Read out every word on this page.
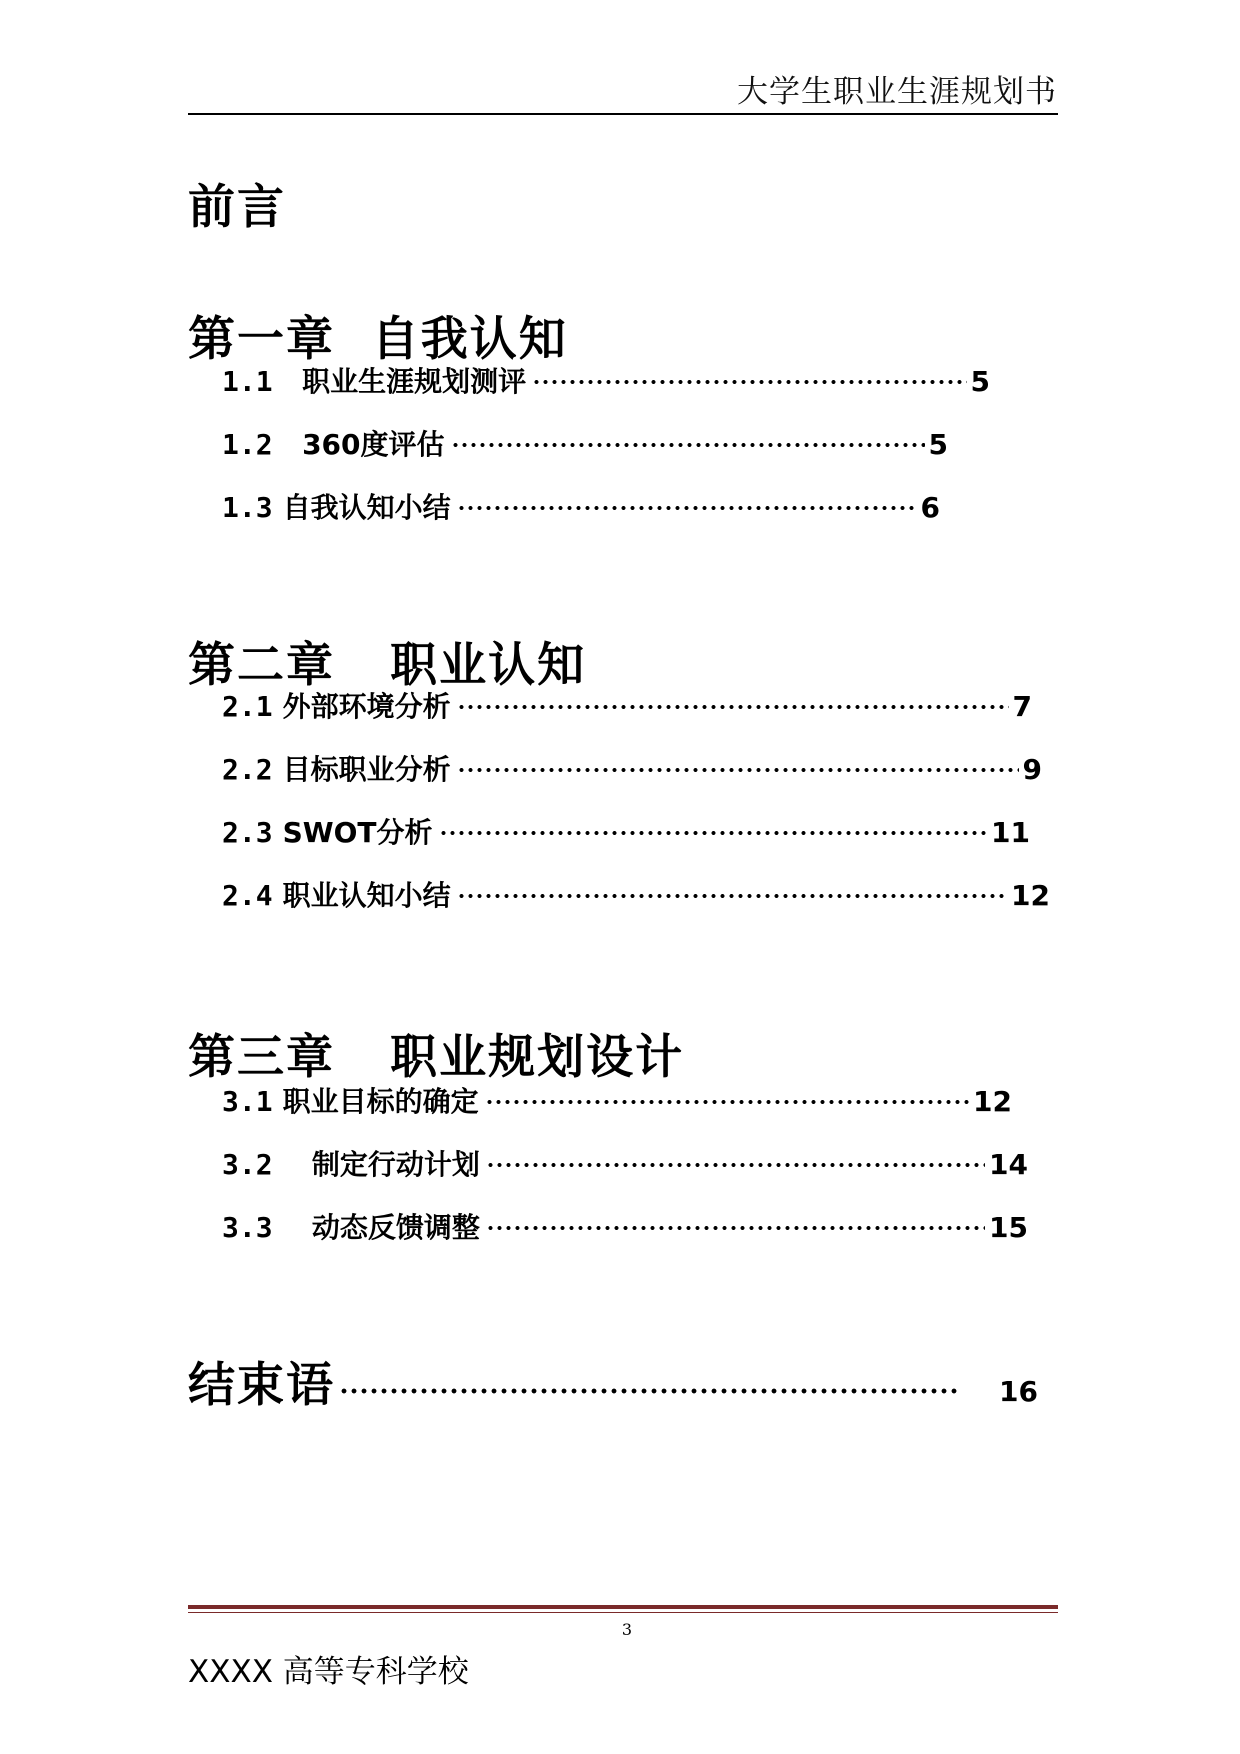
大学生职业生涯规划书
前言
第一章  自我认知
1.1 职业生涯规划测评	5
1.2 360度评估	5
1.3 自我认知小结	6
第二章   职业认知
2.1 外部环境分析	7
2.2 目标职业分析	9
2.3 SWOT分析	11
2.4 职业认知小结	12
第三章   职业规划设计
3.1 职业目标的确定	12
3.2 制定行动计划	14
3.3 动态反馈调整	15
结束语	16
3
XXXX 高等专科学校
